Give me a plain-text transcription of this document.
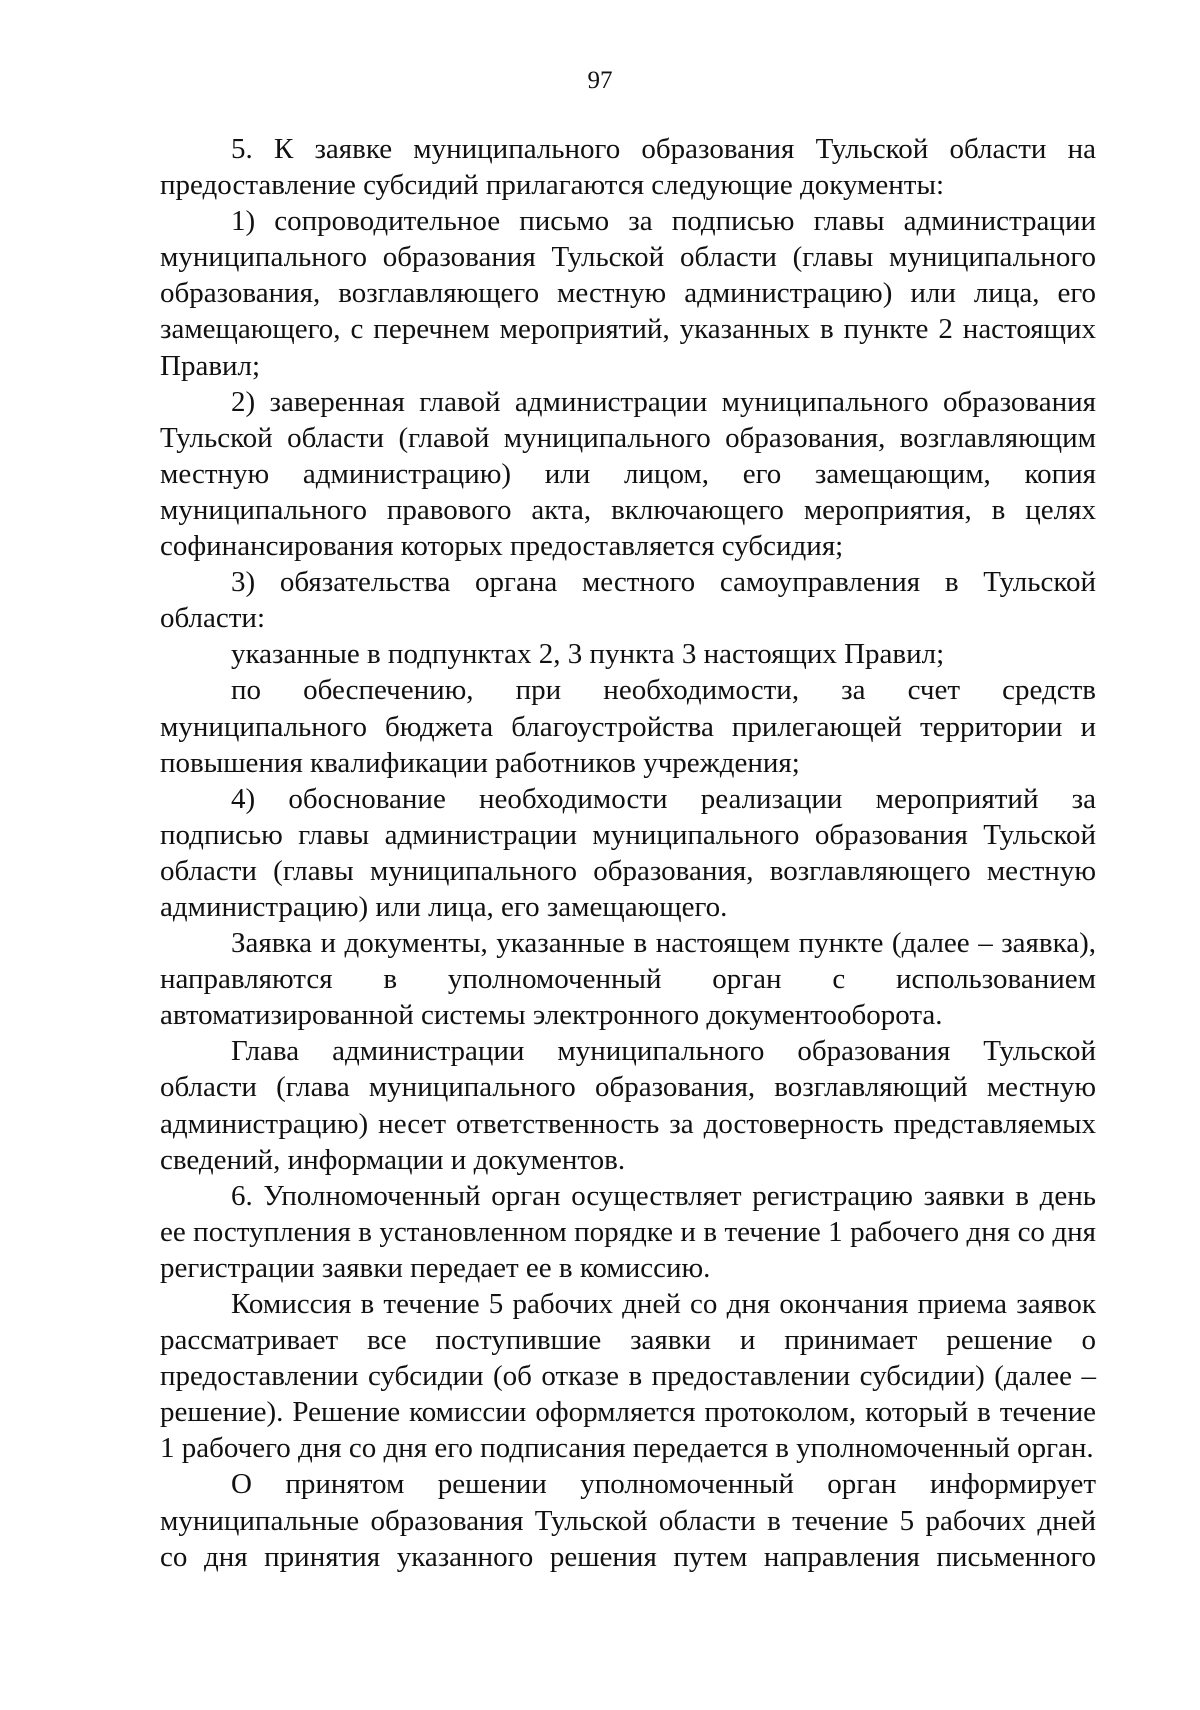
97

5. К заявке муниципального образования Тульской области на предоставление субсидий прилагаются следующие документы:

1) сопроводительное письмо за подписью главы администрации муниципального образования Тульской области (главы муниципального образования, возглавляющего местную администрацию) или лица, его замещающего, с перечнем мероприятий, указанных в пункте 2 настоящих Правил;

2) заверенная главой администрации муниципального образования Тульской области (главой муниципального образования, возглавляющим местную администрацию) или лицом, его замещающим, копия муниципального правового акта, включающего мероприятия, в целях софинансирования которых предоставляется субсидия;

3) обязательства органа местного самоуправления в Тульской области:

указанные в подпунктах 2, 3 пункта 3 настоящих Правил;

по обеспечению, при необходимости, за счет средств муниципального бюджета благоустройства прилегающей территории и повышения квалификации работников учреждения;

4) обоснование необходимости реализации мероприятий за подписью главы администрации муниципального образования Тульской области (главы муниципального образования, возглавляющего местную администрацию) или лица, его замещающего.

Заявка и документы, указанные в настоящем пункте (далее – заявка), направляются в уполномоченный орган с использованием автоматизированной системы электронного документооборота.

Глава администрации муниципального образования Тульской области (глава муниципального образования, возглавляющий местную администрацию) несет ответственность за достоверность представляемых сведений, информации и документов.

6. Уполномоченный орган осуществляет регистрацию заявки в день ее поступления в установленном порядке и в течение 1 рабочего дня со дня регистрации заявки передает ее в комиссию.

Комиссия в течение 5 рабочих дней со дня окончания приема заявок рассматривает все поступившие заявки и принимает решение о предоставлении субсидии (об отказе в предоставлении субсидии) (далее – решение). Решение комиссии оформляется протоколом, который в течение 1 рабочего дня со дня его подписания передается в уполномоченный орган.

О принятом решении уполномоченный орган информирует муниципальные образования Тульской области в течение 5 рабочих дней со дня принятия указанного решения путем направления письменного
